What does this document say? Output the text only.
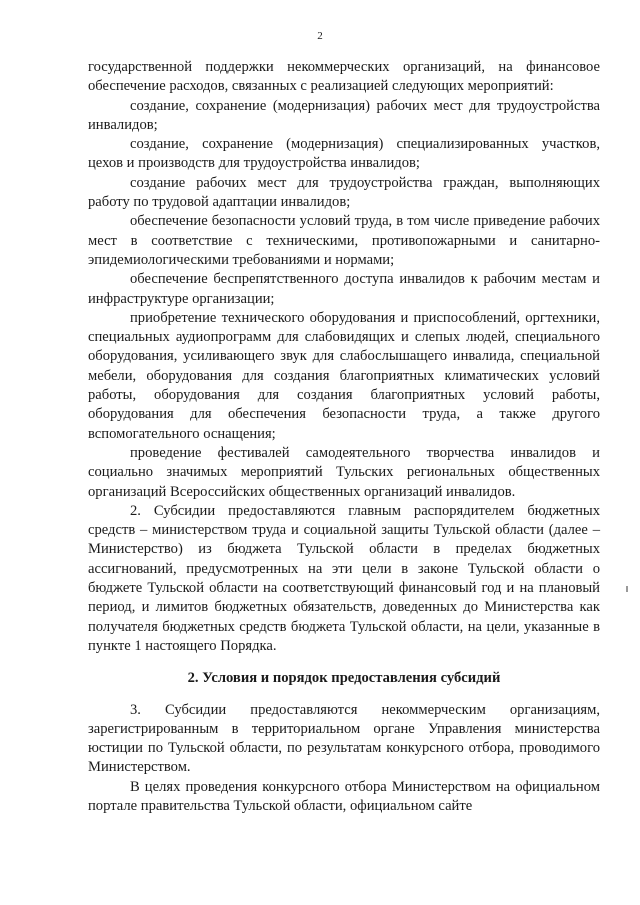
2

государственной поддержки некоммерческих организаций, на финансовое обеспечение расходов, связанных с реализацией следующих мероприятий:

создание, сохранение (модернизация) рабочих мест для трудоустройства инвалидов;

создание, сохранение (модернизация) специализированных участков, цехов и производств для трудоустройства инвалидов;

создание рабочих мест для трудоустройства граждан, выполняющих работу по трудовой адаптации инвалидов;

обеспечение безопасности условий труда, в том числе приведение рабочих мест в соответствие с техническими, противопожарными и санитарно-эпидемиологическими требованиями и нормами;

обеспечение беспрепятственного доступа инвалидов к рабочим местам и инфраструктуре организации;

приобретение технического оборудования и приспособлений, оргтехники, специальных аудиопрограмм для слабовидящих и слепых людей, специального оборудования, усиливающего звук для слабослышащего инвалида, специальной мебели, оборудования для создания благоприятных климатических условий работы, оборудования для создания благоприятных условий работы, оборудования для обеспечения безопасности труда, а также другого вспомогательного оснащения;

проведение фестивалей самодеятельного творчества инвалидов и социально значимых мероприятий Тульских региональных общественных организаций Всероссийских общественных организаций инвалидов.

2. Субсидии предоставляются главным распорядителем бюджетных средств – министерством труда и социальной защиты Тульской области (далее – Министерство) из бюджета Тульской области в пределах бюджетных ассигнований, предусмотренных на эти цели в законе Тульской области о бюджете Тульской области на соответствующий финансовый год и на плановый период, и лимитов бюджетных обязательств, доведенных до Министерства как получателя бюджетных средств бюджета Тульской области, на цели, указанные в пункте 1 настоящего Порядка.

2. Условия и порядок предоставления субсидий

3. Субсидии предоставляются некоммерческим организациям, зарегистрированным в территориальном органе Управления министерства юстиции по Тульской области, по результатам конкурсного отбора, проводимого Министерством.

В целях проведения конкурсного отбора Министерством на официальном портале правительства Тульской области, официальном сайте
